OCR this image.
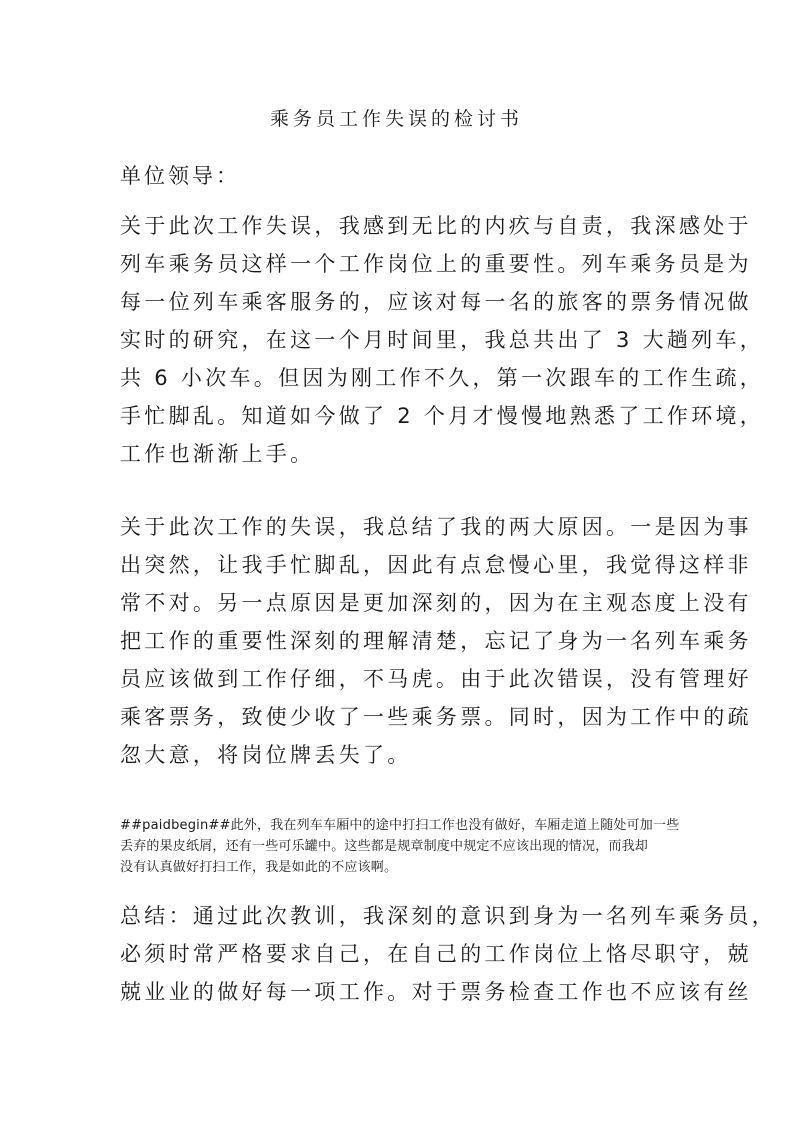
乘务员工作失误的检讨书
单位领导：
关于此次工作失误，我感到无比的内疚与自责，我深感处于
列车乘务员这样一个工作岗位上的重要性。列车乘务员是为
每一位列车乘客服务的，应该对每一名的旅客的票务情况做
实时的研究，在这一个月时间里，我总共出了 3 大趟列车，
共 6 小次车。但因为刚工作不久，第一次跟车的工作生疏，
手忙脚乱。知道如今做了 2 个月才慢慢地熟悉了工作环境，
工作也渐渐上手。
关于此次工作的失误，我总结了我的两大原因。一是因为事
出突然，让我手忙脚乱，因此有点怠慢心里，我觉得这样非
常不对。另一点原因是更加深刻的，因为在主观态度上没有
把工作的重要性深刻的理解清楚，忘记了身为一名列车乘务
员应该做到工作仔细，不马虎。由于此次错误，没有管理好
乘客票务，致使少收了一些乘务票。同时，因为工作中的疏
忽大意，将岗位牌丢失了。
##paidbegin##此外，我在列车车厢中的途中打扫工作也没有做好，车厢走道上随处可加一些
丢弃的果皮纸屑，还有一些可乐罐中。这些都是规章制度中规定不应该出现的情况，而我却
没有认真做好打扫工作，我是如此的不应该啊。
总结：通过此次教训，我深刻的意识到身为一名列车乘务员，
必须时常严格要求自己，在自己的工作岗位上恪尽职守，兢
兢业业的做好每一项工作。对于票务检查工作也不应该有丝
